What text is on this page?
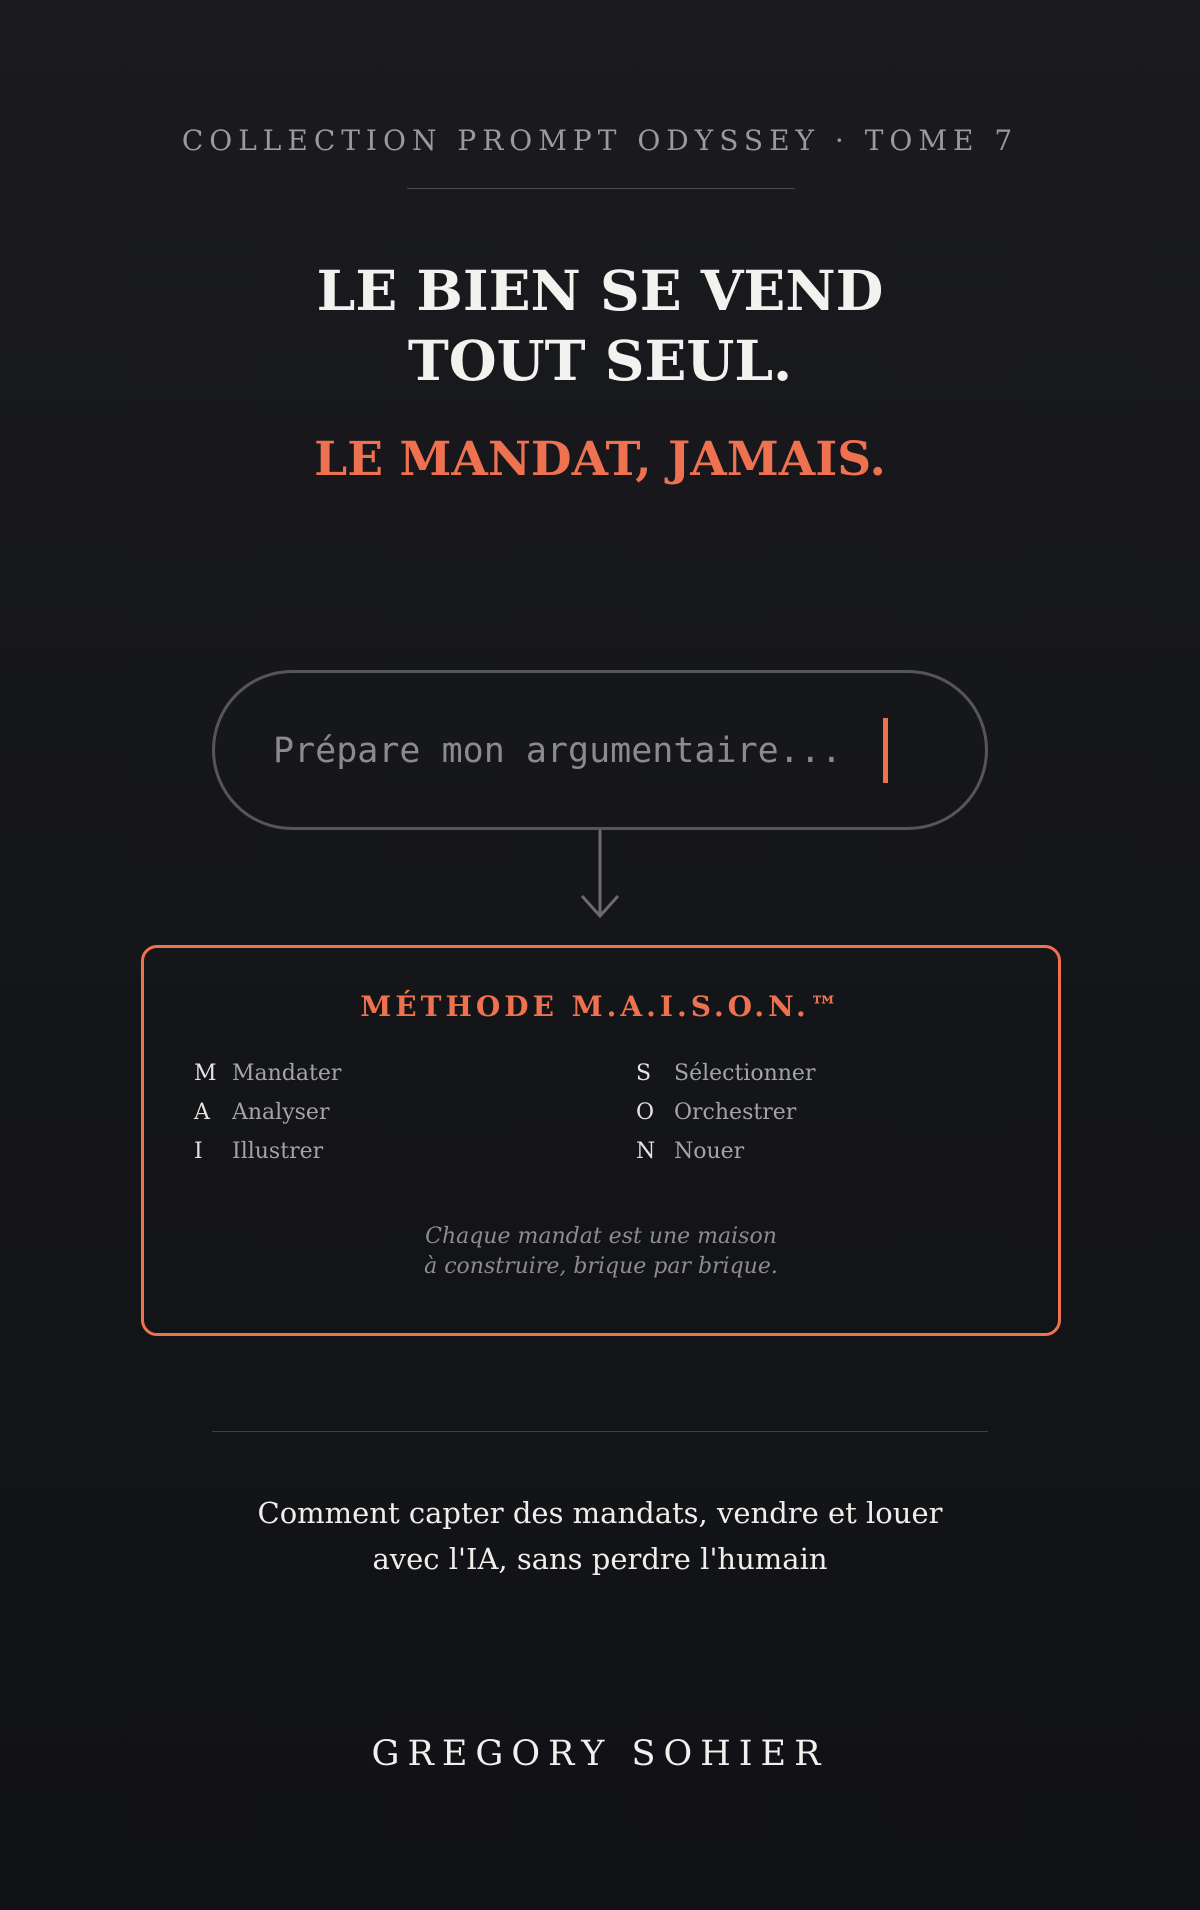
COLLECTION PROMPT ODYSSEY · TOME 7
LE BIEN SE VEND
TOUT SEUL.
LE MANDAT, JAMAIS.
Prépare mon argumentaire...
MÉTHODE M.A.I.S.O.N.™
M Mandater
A Analyser
I Illustrer
S Sélectionner
O Orchestrer
N Nouer
Chaque mandat est une maison
à construire, brique par brique.
Comment capter des mandats, vendre et louer
avec l'IA, sans perdre l'humain
GREGORY SOHIER
